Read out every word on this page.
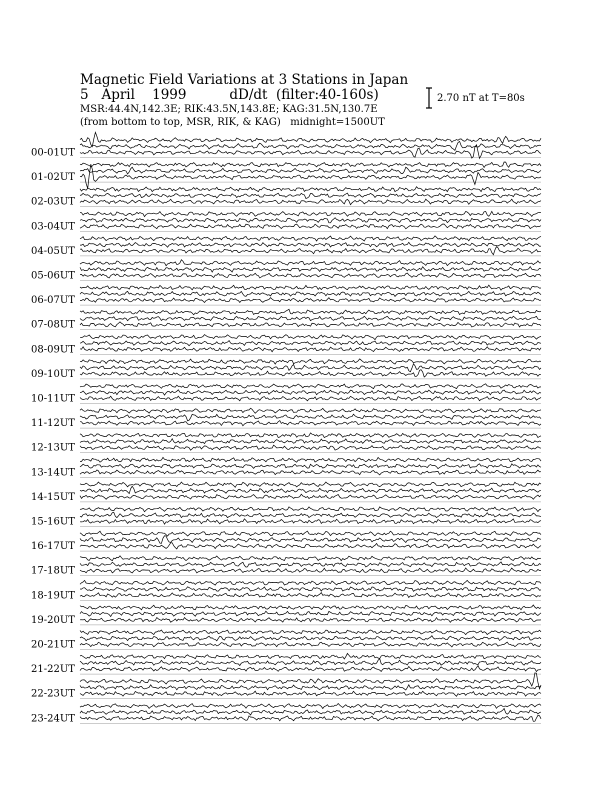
Magnetic Field Variations at 3 Stations in Japan
5   April    1999          dD/dt  (filter:40-160s)
MSR:44.4N,142.3E; RIK:43.5N,143.8E; KAG:31.5N,130.7E
(from bottom to top, MSR, RIK, & KAG)   midnight=1500UT
2.70 nT at T=80s
00-01UT
01-02UT
02-03UT
03-04UT
04-05UT
05-06UT
06-07UT
07-08UT
08-09UT
09-10UT
10-11UT
11-12UT
12-13UT
13-14UT
14-15UT
15-16UT
16-17UT
17-18UT
18-19UT
19-20UT
20-21UT
21-22UT
22-23UT
23-24UT
